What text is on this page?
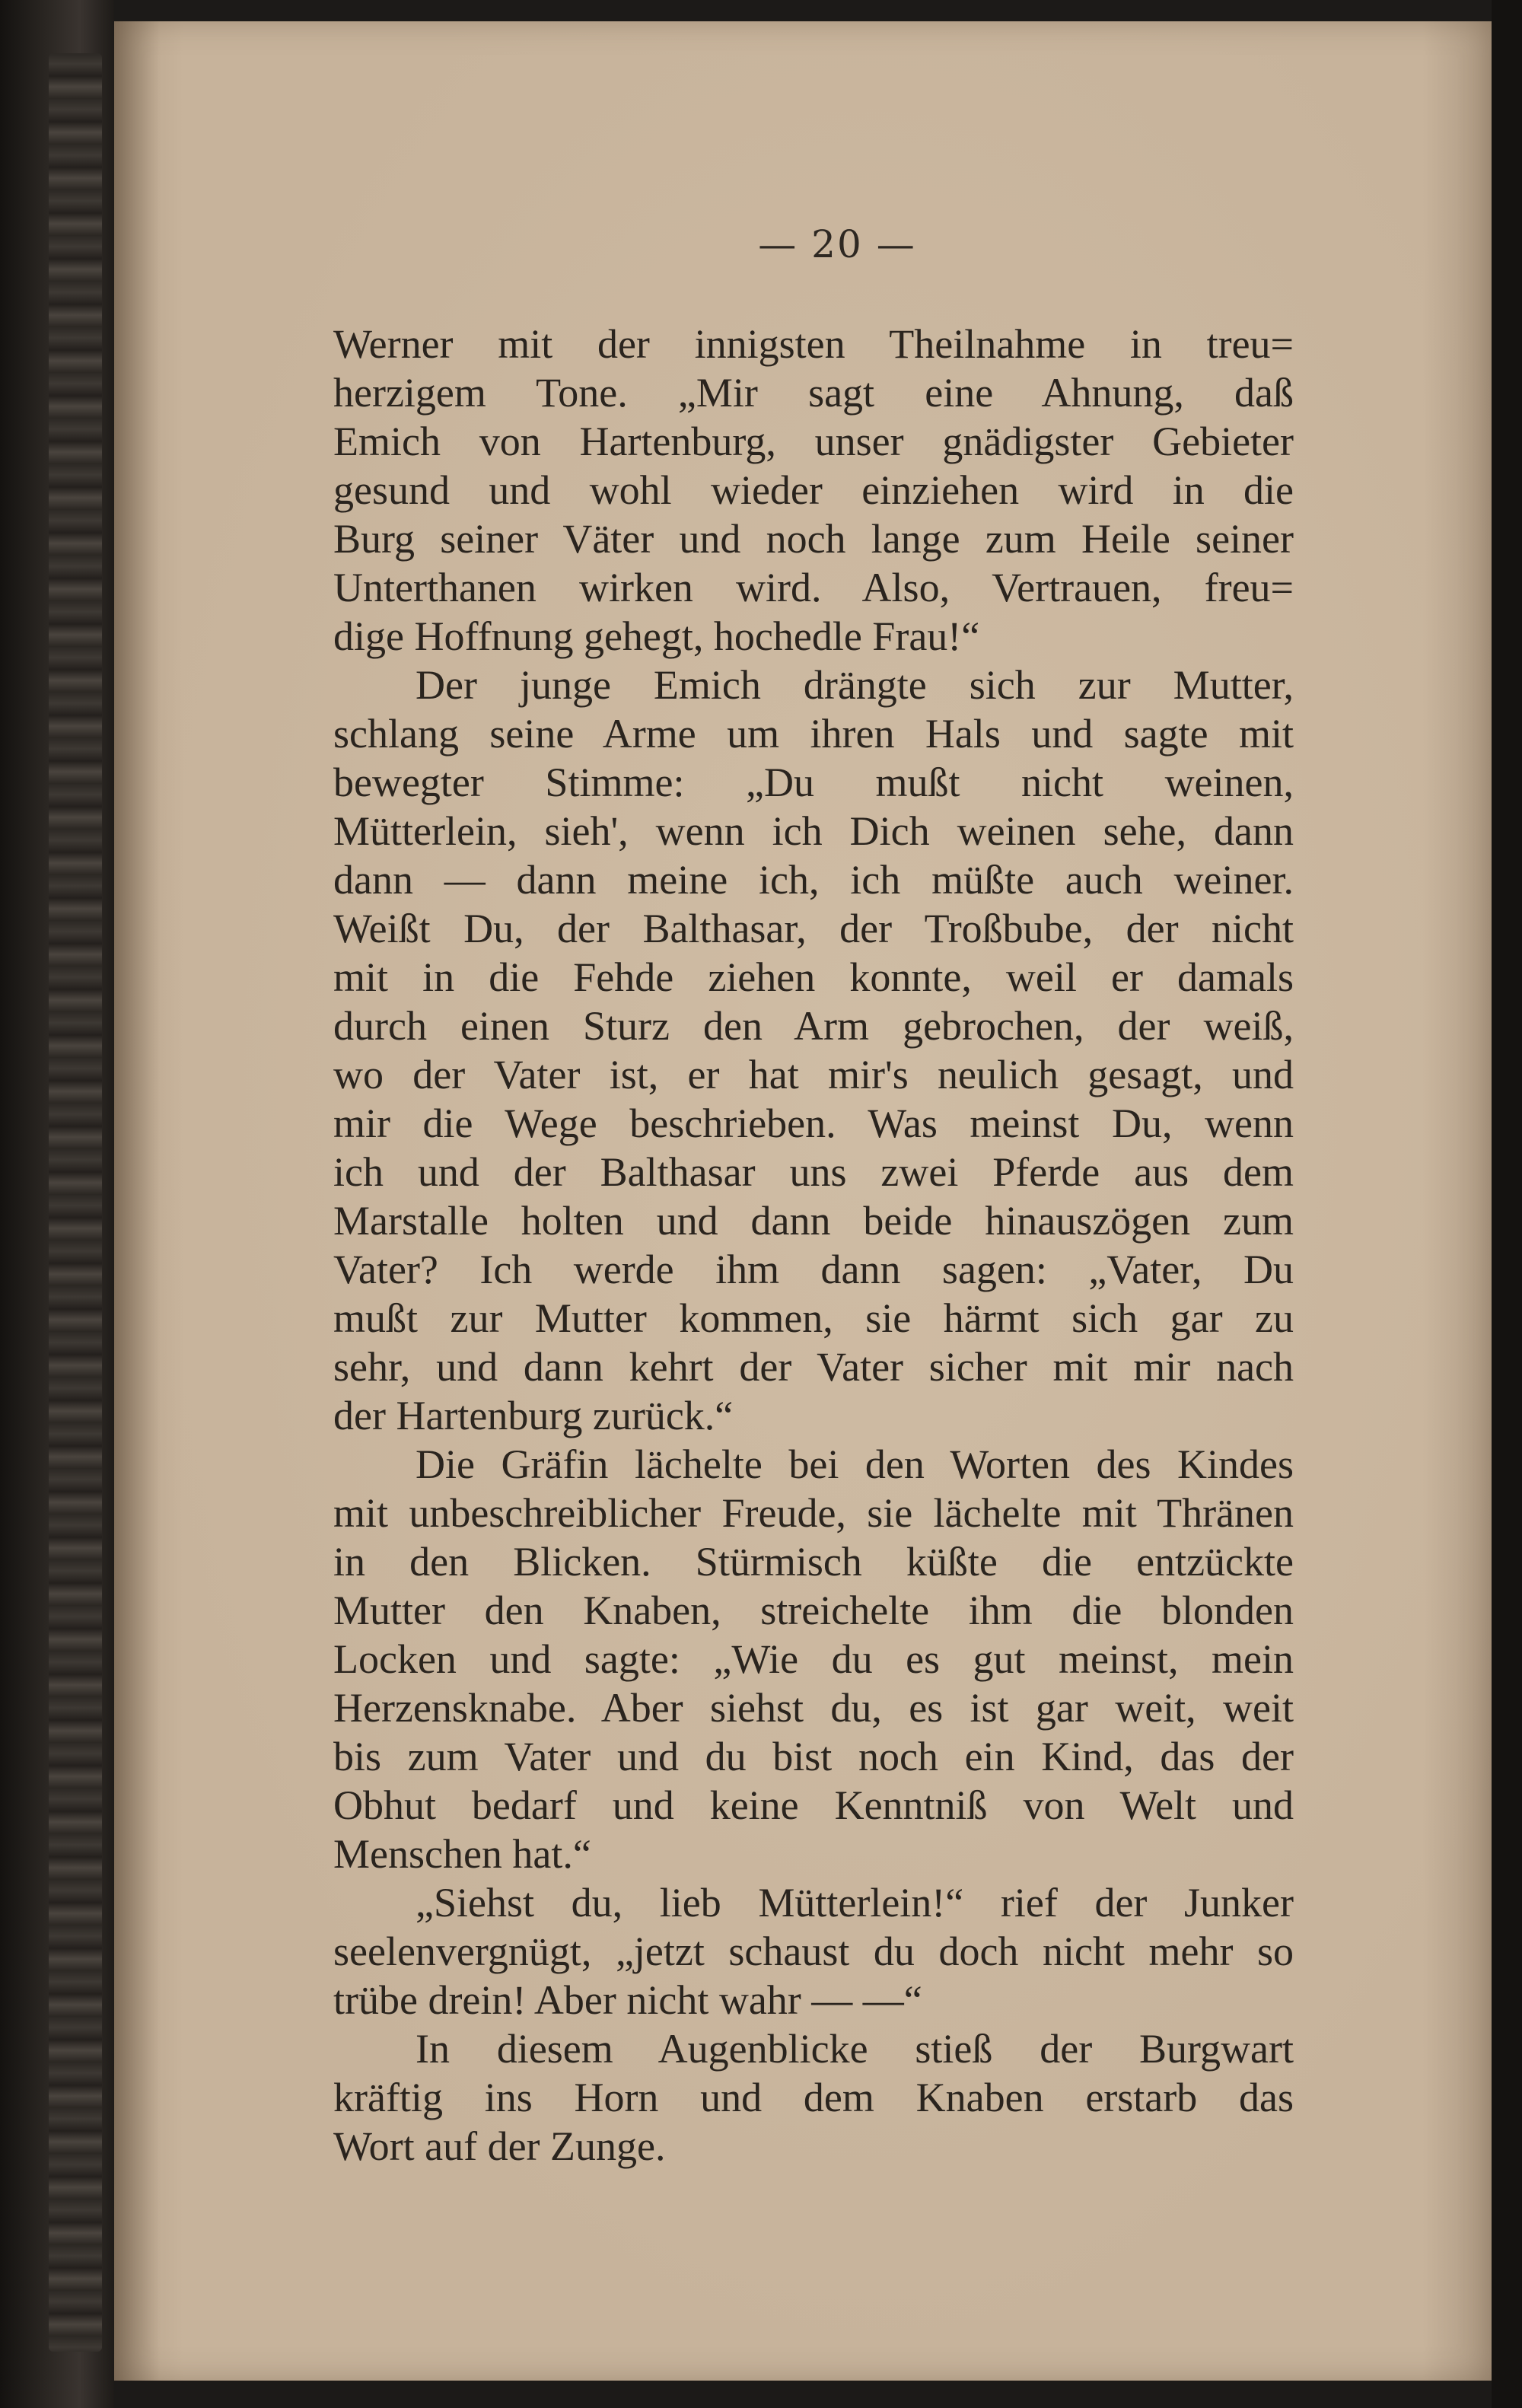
— 20 —
Werner mit der innigsten Theilnahme in treu=
herzigem Tone. „Mir sagt eine Ahnung, daß
Emich von Hartenburg, unser gnädigster Gebieter
gesund und wohl wieder einziehen wird in die
Burg seiner Väter und noch lange zum Heile seiner
Unterthanen wirken wird. Also, Vertrauen, freu=
dige Hoffnung gehegt, hochedle Frau!“
Der junge Emich drängte sich zur Mutter,
schlang seine Arme um ihren Hals und sagte mit
bewegter Stimme: „Du mußt nicht weinen,
Mütterlein, sieh', wenn ich Dich weinen sehe, dann
dann — dann meine ich, ich müßte auch weiner.
Weißt Du, der Balthasar, der Troßbube, der nicht
mit in die Fehde ziehen konnte, weil er damals
durch einen Sturz den Arm gebrochen, der weiß,
wo der Vater ist, er hat mir's neulich gesagt, und
mir die Wege beschrieben. Was meinst Du, wenn
ich und der Balthasar uns zwei Pferde aus dem
Marstalle holten und dann beide hinauszögen zum
Vater? Ich werde ihm dann sagen: „Vater, Du
mußt zur Mutter kommen, sie härmt sich gar zu
sehr, und dann kehrt der Vater sicher mit mir nach
der Hartenburg zurück.“
Die Gräfin lächelte bei den Worten des Kindes
mit unbeschreiblicher Freude, sie lächelte mit Thränen
in den Blicken. Stürmisch küßte die entzückte
Mutter den Knaben, streichelte ihm die blonden
Locken und sagte: „Wie du es gut meinst, mein
Herzensknabe. Aber siehst du, es ist gar weit, weit
bis zum Vater und du bist noch ein Kind, das der
Obhut bedarf und keine Kenntniß von Welt und
Menschen hat.“
„Siehst du, lieb Mütterlein!“ rief der Junker
seelenvergnügt, „jetzt schaust du doch nicht mehr so
trübe drein! Aber nicht wahr — —“
In diesem Augenblicke stieß der Burgwart
kräftig ins Horn und dem Knaben erstarb das
Wort auf der Zunge.
